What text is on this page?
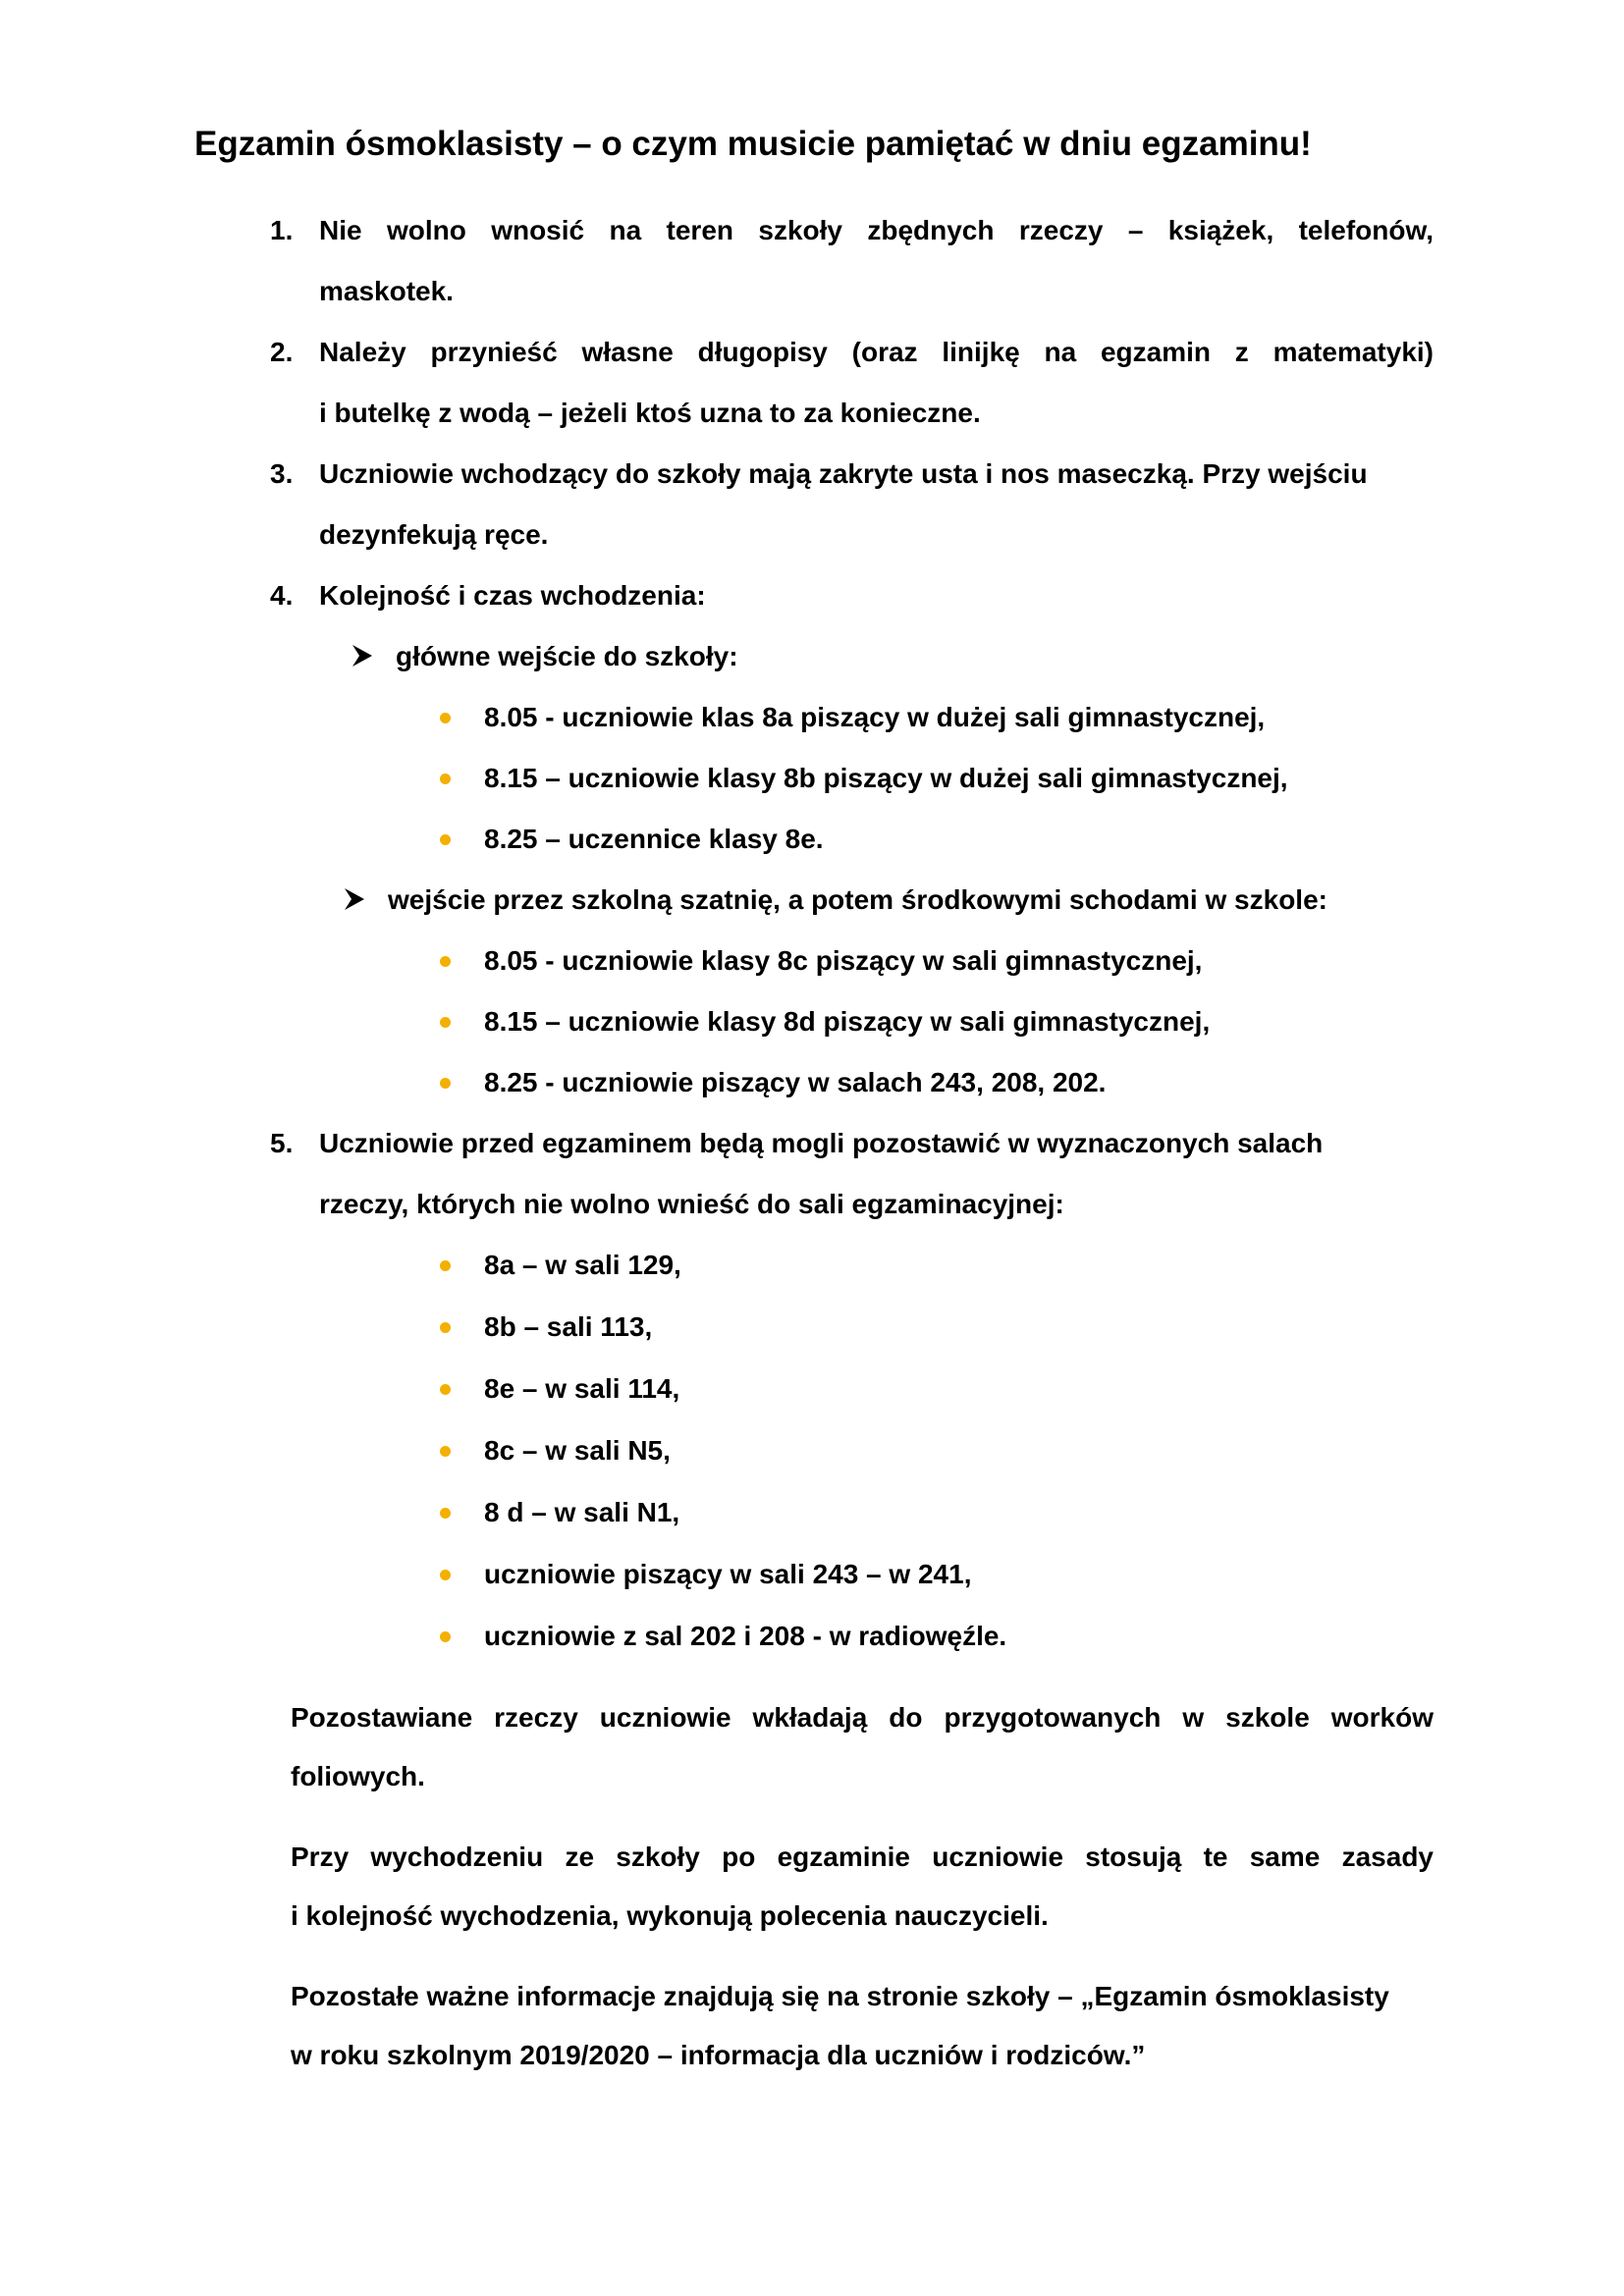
Egzamin ósmoklasisty – o czym musicie pamiętać w dniu egzaminu!
1. Nie wolno wnosić na teren szkoły zbędnych rzeczy – książek, telefonów,
maskotek.
2. Należy przynieść własne długopisy (oraz linijkę na egzamin z matematyki)
i butelkę z wodą – jeżeli ktoś uzna to za konieczne.
3. Uczniowie wchodzący do szkoły mają zakryte usta i nos maseczką. Przy wejściu
dezynfekują ręce.
4. Kolejność i czas wchodzenia:
główne wejście do szkoły:
8.05 - uczniowie klas 8a piszący w dużej sali gimnastycznej,
8.15 – uczniowie klasy 8b piszący w dużej sali gimnastycznej,
8.25 – uczennice klasy 8e.
wejście przez szkolną szatnię, a potem środkowymi schodami w szkole:
8.05 - uczniowie klasy 8c piszący w sali gimnastycznej,
8.15 – uczniowie klasy 8d piszący w sali gimnastycznej,
8.25 - uczniowie piszący w salach 243, 208, 202.
5. Uczniowie przed egzaminem będą mogli pozostawić w wyznaczonych salach
rzeczy, których nie wolno wnieść do sali egzaminacyjnej:
8a – w sali 129,
8b – sali 113,
8e – w sali 114,
8c – w sali N5,
8 d – w sali N1,
uczniowie piszący w sali 243 – w 241,
uczniowie z sal 202 i 208 - w radiowęźle.
Pozostawiane rzeczy uczniowie wkładają do przygotowanych w szkole worków
foliowych.
Przy wychodzeniu ze szkoły po egzaminie uczniowie stosują te same zasady
i kolejność wychodzenia, wykonują polecenia nauczycieli.
Pozostałe ważne informacje znajdują się na stronie szkoły – „Egzamin ósmoklasisty
w roku szkolnym 2019/2020 – informacja dla uczniów i rodziców.”
